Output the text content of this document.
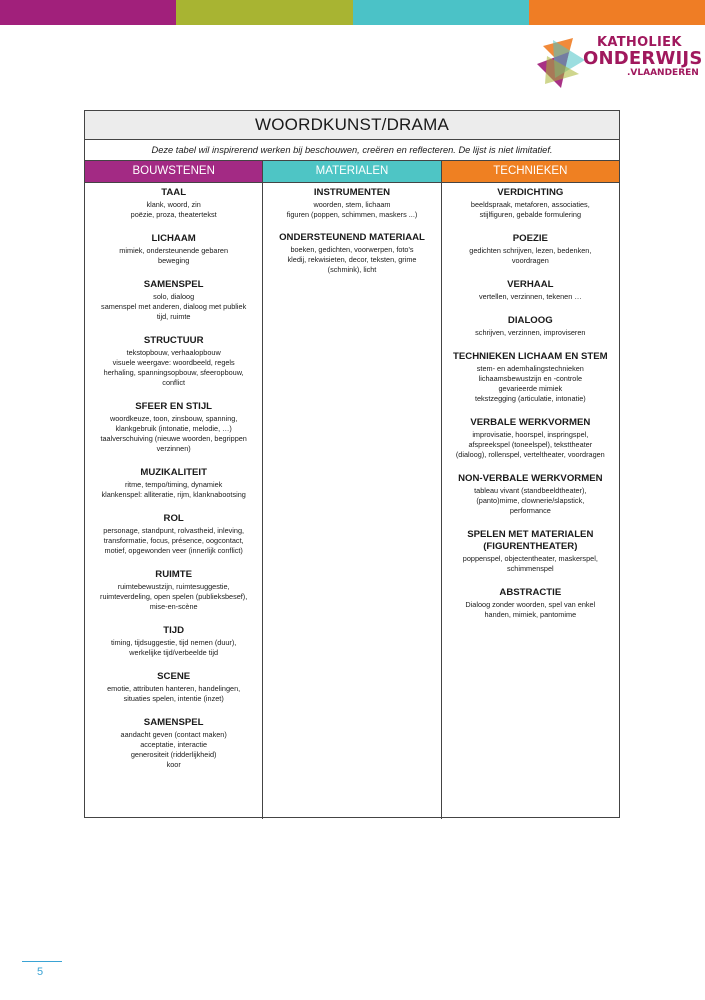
KATHOLIEK
ONDERWIJS
.VLAANDEREN
WOORDKUNST/DRAMA
Deze tabel wil inspirerend werken bij beschouwen, creëren en reflecteren. De lijst is niet limitatief.
BOUWSTENEN	MATERIALEN	TECHNIEKEN
TAAL
klank, woord, zin
poëzie, proza, theatertekst
LICHAAM
mimiek, ondersteunende gebaren
beweging
SAMENSPEL
solo, dialoog
samenspel met anderen, dialoog met publiek
tijd, ruimte
STRUCTUUR
tekstopbouw, verhaalopbouw
visuele weergave: woordbeeld, regels
herhaling, spanningsopbouw, sfeeropbouw,
conflict
SFEER EN STIJL
woordkeuze, toon, zinsbouw, spanning,
klankgebruik (intonatie, melodie, …)
taalverschuiving (nieuwe woorden, begrippen
verzinnen)
MUZIKALITEIT
ritme, tempo/timing, dynamiek
klankenspel: alliteratie, rijm, klanknabootsing
ROL
personage, standpunt, rolvastheid, inleving,
transformatie, focus, présence, oogcontact,
motief, opgewonden veer (innerlijk conflict)
RUIMTE
ruimtebewustzijn, ruimtesuggestie,
ruimteverdeling, open spelen (publieksbesef),
mise-en-scène
TIJD
timing, tijdsuggestie, tijd nemen (duur),
werkelijke tijd/verbeelde tijd
SCENE
emotie, attributen hanteren, handelingen,
situaties spelen, intentie (inzet)
SAMENSPEL
aandacht geven (contact maken)
acceptatie, interactie
generositeit (ridderlijkheid)
koor
INSTRUMENTEN
woorden, stem, lichaam
figuren (poppen, schimmen, maskers ...)
ONDERSTEUNEND MATERIAAL
boeken, gedichten, voorwerpen, foto's
kledij, rekwisieten, decor, teksten, grime
(schmink), licht
VERDICHTING
beeldspraak, metaforen, associaties,
stijlfiguren, gebalde formulering
POEZIE
gedichten schrijven, lezen, bedenken,
voordragen
VERHAAL
vertellen, verzinnen, tekenen …
DIALOOG
schrijven, verzinnen, improviseren
TECHNIEKEN LICHAAM EN STEM
stem- en ademhalingstechnieken
lichaamsbewustzijn en -controle
gevarieerde mimiek
tekstzegging (articulatie, intonatie)
VERBALE WERKVORMEN
improvisatie, hoorspel, inspringspel,
afspreekspel (toneelspel), teksttheater
(dialoog), rollenspel, verteltheater, voordragen
NON-VERBALE WERKVORMEN
tableau vivant (standbeeldtheater),
(panto)mime, clownerie/slapstick,
performance
SPELEN MET MATERIALEN
(FIGURENTHEATER)
poppenspel, objectentheater, maskerspel,
schimmenspel
ABSTRACTIE
Dialoog zonder woorden, spel van enkel
handen, mimiek, pantomime
5
